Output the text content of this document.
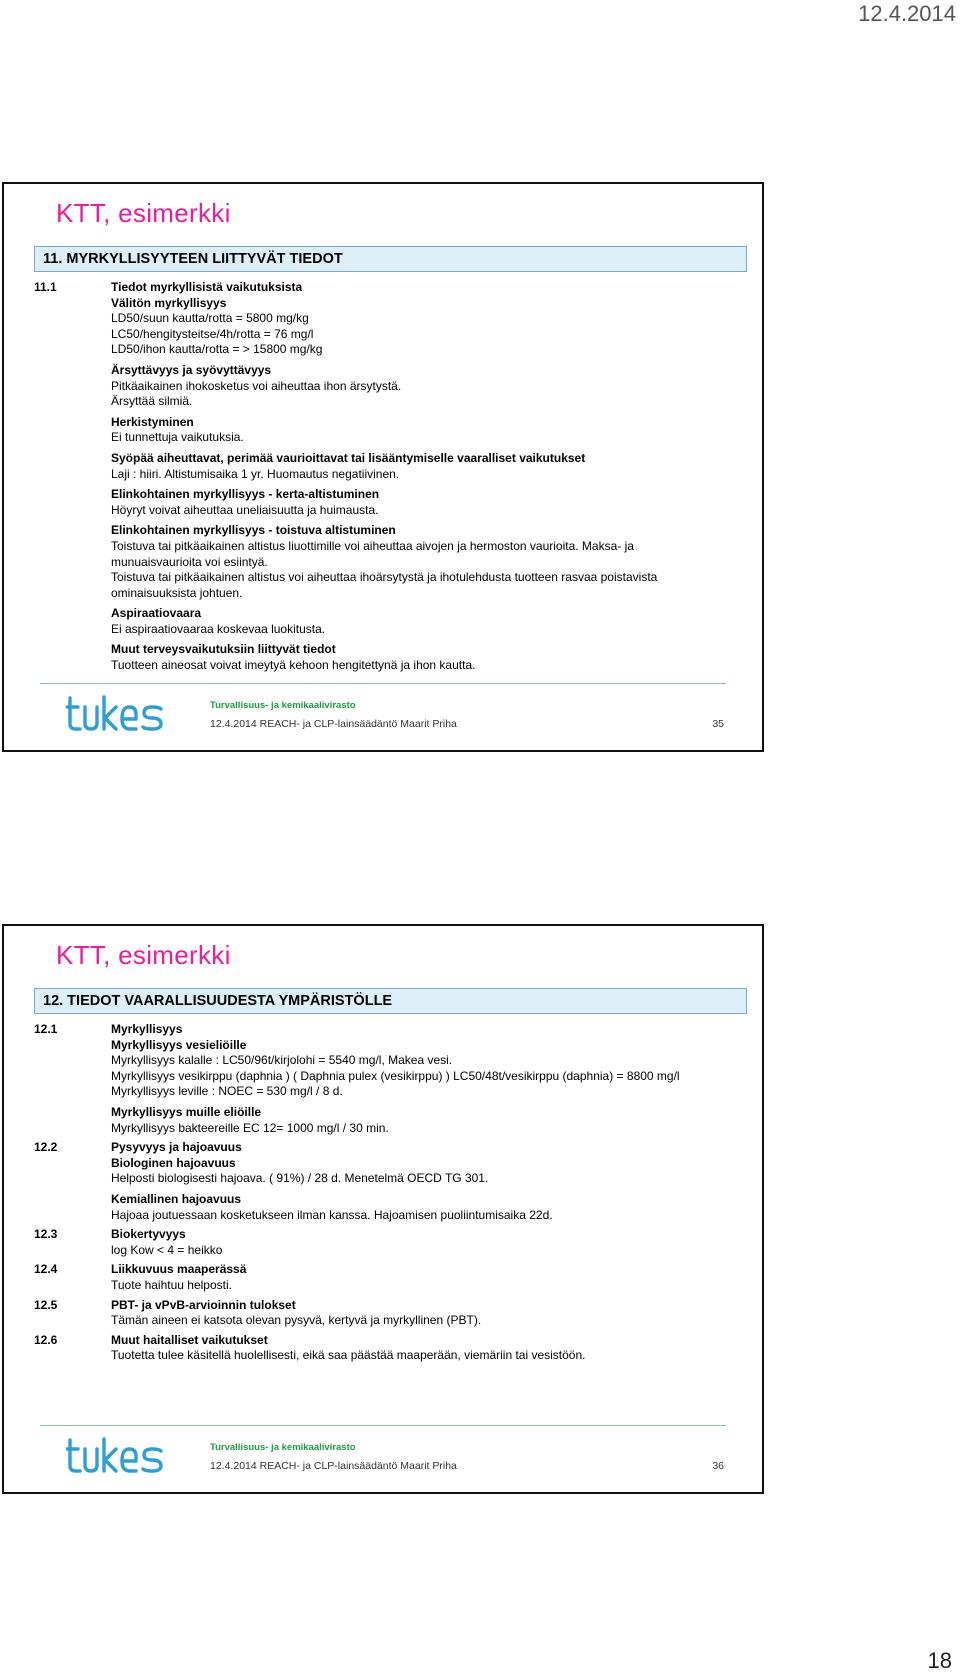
12.4.2014
KTT, esimerkki
11. MYRKYLLISYYTEEN LIITTYVÄT TIEDOT
11.1	Tiedot myrkyllisistä vaikutuksista
Välitön myrkyllisyys
LD50/suun kautta/rotta = 5800 mg/kg
LC50/hengitysteitse/4h/rotta = 76 mg/l
LD50/ihon kautta/rotta = > 15800 mg/kg
Ärsyttävyys ja syövyttävyys
Pitkäaikainen ihokosketus voi aiheuttaa ihon ärsytystä.
Ärsyttää silmiä.
Herkistyminen
Ei tunnettuja vaikutuksia.
Syöpää aiheuttavat, perimää vaurioittavat tai lisääntymiselle vaaralliset vaikutukset
Laji : hiiri. Altistumisaika 1 yr. Huomautus negatiivinen.
Elinkohtainen myrkyllisyys - kerta-altistuminen
Höyryt voivat aiheuttaa uneliaisuutta ja huimausta.
Elinkohtainen myrkyllisyys - toistuva altistuminen
Toistuva tai pitkäaikainen altistus liuottimille voi aiheuttaa aivojen ja hermoston vaurioita. Maksa- ja
munuaisvaurioita voi esiintyä.
Toistuva tai pitkäaikainen altistus voi aiheuttaa ihoärsytystä ja ihotulehdusta tuotteen rasvaa poistavista
ominaisuuksista johtuen.
Aspiraatiovaara
Ei aspiraatiovaaraa koskevaa luokitusta.
Muut terveysvaikutuksiin liittyvät tiedot
Tuotteen aineosat voivat imeytyä kehoon hengitettynä ja ihon kautta.
Turvallisuus- ja kemikaalivirasto
12.4.2014 REACH- ja CLP-lainsäädäntö Maarit Priha	35
KTT, esimerkki
12. TIEDOT VAARALLISUUDESTA YMPÄRISTÖLLE
12.1	Myrkyllisyys
Myrkyllisyys vesieliöille
Myrkyllisyys kalalle : LC50/96t/kirjolohi = 5540 mg/l, Makea vesi.
Myrkyllisyys vesikirppu (daphnia ) ( Daphnia pulex (vesikirppu) ) LC50/48t/vesikirppu (daphnia) = 8800 mg/l
Myrkyllisyys leville : NOEC = 530 mg/l / 8 d.
Myrkyllisyys muille eliöille
Myrkyllisyys bakteereille EC 12= 1000 mg/l / 30 min.
12.2	Pysyvyys ja hajoavuus
Biologinen hajoavuus
Helposti biologisesti hajoava. ( 91%) / 28 d. Menetelmä OECD TG 301.
Kemiallinen hajoavuus
Hajoaa joutuessaan kosketukseen ilman kanssa. Hajoamisen puoliintumisaika 22d.
12.3	Biokertyvyys
log Kow < 4 = heikko
12.4	Liikkuvuus maaperässä
Tuote haihtuu helposti.
12.5	PBT- ja vPvB-arvioinnin tulokset
Tämän aineen ei katsota olevan pysyvä, kertyvä ja myrkyllinen (PBT).
12.6	Muut haitalliset vaikutukset
Tuotetta tulee käsitellä huolellisesti, eikä saa päästää maaperään, viemäriin tai vesistöön.
Turvallisuus- ja kemikaalivirasto
12.4.2014 REACH- ja CLP-lainsäädäntö Maarit Priha	36
18
